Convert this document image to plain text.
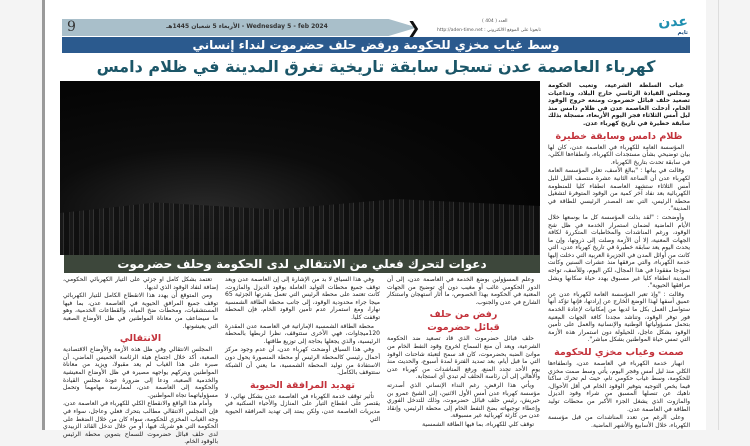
9	Wednesday 5 - feb 2024 - الأربعاء 5 شعبان 1445هـ	❯	العدد ( 404 )
تابعونا على الموقع الالكتروني : http://aden-time.net
عدن
تايم
وسط غياب مخزي للحكومة ورفض حلف حضرموت لنداء إنساني
كهرباء العاصمة عدن تسجل سابقة تاريخية تغرق المدينة في ظلام دامس
دعوات لتحرك فعلي من الانتقالي لدى الحكومة وحلف حضرموت

غياب السلطة الشرعية، وتغيب الحكومة ومجلس القيادة الرئاسي خارج البلاد، وتداعيات تصعيد حلف قبائل حضرموت ومنعه خروج الوقود الخام، أدخلت العاصمة عدن في ظلام دامس منذ ليل أمس الثلاثاء فجر اليوم الأربعاء، مسجلة بذلك سابقة خطيرة في تاريخ كهرباء عدن.

ظلام دامس وسابقة خطيرة

المؤسسة العامة للكهرباء في العاصمة عدن، كان لها بيان توضيحي بشأن مستجدات الكهرباء، وانطفاءها الكلي، في سابقة تحدث بتاريخ الكهرباء.

وقالت في بيانها : "ببالغ الأسف، تعلن المؤسسة العامة لكهرباء عدن أن الساعة الثانية عشرة منتصف الليل لليل أمس الثلاثاء ستشهد العاصمة انطفاء كليا للمنظومة الكهربائية بعد نفاد آخر كمية من الوقود المتوفرة لتشغيل محطة الرئيس، التي تعد المصدر الرئيسي للطاقة في المدينة".

وأوضحت : "لقد بذلت المؤسسة كل ما بوسعها خلال الأيام الماضية لضمان استمرار الخدمة في ظل شح الوقود، ورغم المناشدات والمخاطبات المتكررة لكافة الجهات المعنية، إلا أن الأزمة وصلت إلى ذروتها، وإن ما يحدث اليوم يعد سابقة خطيرة في تاريخ كهرباء عدن، التي كانت من أوائل المدن في الجزيرة العربية التي دخلت إليها خدمة الكهرباء، والتي مرفقها منذ عشرات السنين وكانت نموذجا مفقودا في هذا المجال، لكن اليوم، وللأسف، تواجه المدينة انطفاء كليا غير مسبوق يهدد حياة سكانها ويشل مرافقها الحيوية".

وقالت : "وإذ تعبر المؤسسة العامة لكهرباء عدن عن عميق أسفها لهذا الوضع الخارج عن إرادتها، فإنها تؤكد أنها ستواصل العمل بكل ما لديها من إمكانيات لإعادة الخدمة فور توفر الوقود، وتناشد مجددا كافة الجهات المعنية بتحمل مسؤولياتها الوطنية والإنسانية والعمل على تأمين الوقود بشكل عاجل، للحيلولة دون استمرار هذه الأزمة التي تمس حياة المواطنين بشكل مباشر".

صمت وغياب مخزي للحكومة

انهيار خدمة الكهرباء في العاصمة عدن، وانطفاءها الكلي منذ ليل أمس وفجر اليوم، يأتي وسط صمت مخزي للحكومة، وسط غياب حكومي تام، حيث لم تحرك ساكنا فيما يخص التوجيه بتوفير الوقود الخام في أقل الأحوال، ناهيك عن تنصلها المسبق من شراء وقود الديزل والمازوت الذي يشغل الجزء الأكبر من محطات توليد الطاقة في العاصمة عدن.

وعلى الرغم من تعدد المناشدات من قبل مؤسسة الكهرباء، خلال الأسابيع والأشهر الماضية.

وعلم المسؤولين بوضع الخدمة في العاصمة عدن، إلى أن الدور الحكومي غائب أو مغيب دون أي توضيح من الجهات المعنية في الحكومة بهذا الخصوص، ما أثار استهجان واستنكار الشارع في عدن والجنوب.

رفض من حلف قبائل حضرموت

حلف قبائل حضرموت الذي قاد تصعيد ضد الحكومة الشرعية، ويعد أن منع السماح لخروج وقود النفط الخام من موانئ الضبه بحضرموت، كان قد سمح لتعبئة شاحنات الوقود التي ما قبل أيام، بعد تمديد الفترة لمدة أسبوع، والحديث منذ يوم الأحد تجدد المنع، ورفع المناشدات من كهرباء عدن والأهالي إلى أن رئاسة الحلف لم تبدي أي استجابة.

ويأتي هذا الرفض، رغم النداء الإنساني الذي أصدرته مؤسسة كهرباء عدن أمس الأول الاثنين، إلى الشيخ عمرو بن حبريش، رئيس حلف قبائل حضرموت، وذلك للتدخل الفوري وإعطاء توجيهاته بضخ النفط الخام إلى محطة الرئيس، وإنقاذ عدن من كارثة كهربائية غير مسبوقة.

توقف كلي للكهرباء، بما فيها الطاقة الشمسية

وفي هذا السياق لا بد من الإشارة إلى إن العاصمة عدن ويعد توقف جميع محطات التوليد العاملة بوقود الديزل والمازوت، كانت تعتمد على محطة الرئيس التي تعمل بقدرتها الجزئية 65 ميجا جراء محدودية الوقود، إلى جانب محطة الطاقة الشمسية نهارا، ومع استمرار عدم تأمين الوقود الخام، فإن المحطة توقفت كليا.

محطة الطاقة الشمسية الإماراتية في العاصمة عدن المقدرة 120ميجاوات، فهي الأخرى ستتوقف، نظرا لربطها بالمحطة الرئيسية، والذي يجعلها بحاجة إلى توزيع طاقتها.

وفي هذا السياق أوضحت كهرباء عدن، أن عدم وجود مركز أحمال رئيسي كالمحطة الرئيس أو محطة المنصورة يحول دون الاستفادة من توليد المحطة الشمسية، ما يعني أن الشبكة ستتوقف بالكامل.

تهديد المرافقة الحيوية

تأثير توقف خدمة الكهرباء في العاصمة عدن بشكل نهائي، لا يقتصر على انقطاع التيار على المنازل والأحياء السكنية في مديريات العاصمة عدن، ولكن يمتد إلى تهديد المرافقة الحيوية التي

تعتمد بشكل كامل او جزئي على التيار الكهربائي الحكومي، إضافة لنفاد الوقود الذي لديها.

ومن المتوقع أن يهدد هذا الانقطاع الكامل للتيار الكهربائي توقف جميع المرافق الحيوية في العاصمة عدن، بما فيها المستشفيات، ومحطات ضخ المياه، والقطاعات الخدمية، وهو ما سيضاعف من معاناة المواطنين في ظل الأوضاع الصعبة التي يعيشونها.

الانتقالي

المجلس الانتقالي وفي ظل هذه الأزمة والأوضاع الاقتصادية الصعبة، أكد خلال اجتماع هيئة الرئاسة الخميس الماضي، أن صبره على هذا الغياب لم يعد مقبولا، ويزيد من معاناة المواطنين ويتركهم يواجهه مصيره في ظل الأوضاع المعيشية والخدمية الصعبة، ودعا إلى ضرورة عودة مجلس القيادة والحكومة إلى العاصمة عدن، لممارسة مهامهما وتحمل مسؤولياتهما تجاه المواطنين.

وأمام هذا الواقع والانقطاع الكلي للكهرباء في العاصمة عدن، فإن المجلس الانتقالي مطالب بتحرك فعلي وعاجل، سواء في وجه الغياب المخزي للحكومة، سواء كان من خلال الضغط على الحكومة التي هو شريك فيها، أو من خلال تدخل القائد الزبيدي لدى حلف قبائل حضرموت للسماح بتموين محطة الرئيس بالوقود الخام.
